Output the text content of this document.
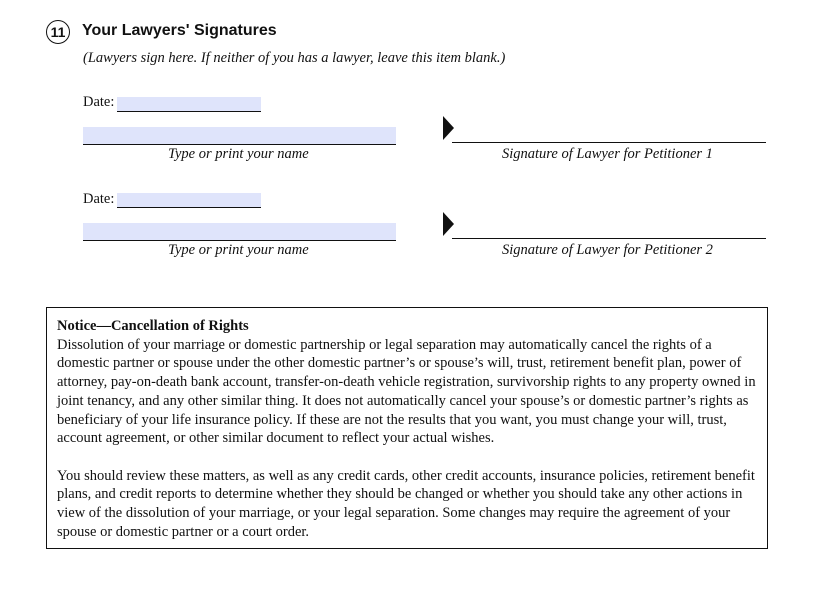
11 Your Lawyers' Signatures
(Lawyers sign here. If neither of you has a lawyer, leave this item blank.)
Date:
Type or print your name	Signature of Lawyer for Petitioner 1
Date:
Type or print your name	Signature of Lawyer for Petitioner 2
Notice—Cancellation of Rights

Dissolution of your marriage or domestic partnership or legal separation may automatically cancel the rights of a domestic partner or spouse under the other domestic partner’s or spouse’s will, trust, retirement benefit plan, power of attorney, pay-on-death bank account, transfer-on-death vehicle registration, survivorship rights to any property owned in joint tenancy, and any other similar thing. It does not automatically cancel your spouse’s or domestic partner’s rights as beneficiary of your life insurance policy. If these are not the results that you want, you must change your will, trust, account agreement, or other similar document to reflect your actual wishes.

You should review these matters, as well as any credit cards, other credit accounts, insurance policies, retirement benefit plans, and credit reports to determine whether they should be changed or whether you should take any other actions in view of the dissolution of your marriage, or your legal separation. Some changes may require the agreement of your spouse or domestic partner or a court order.
